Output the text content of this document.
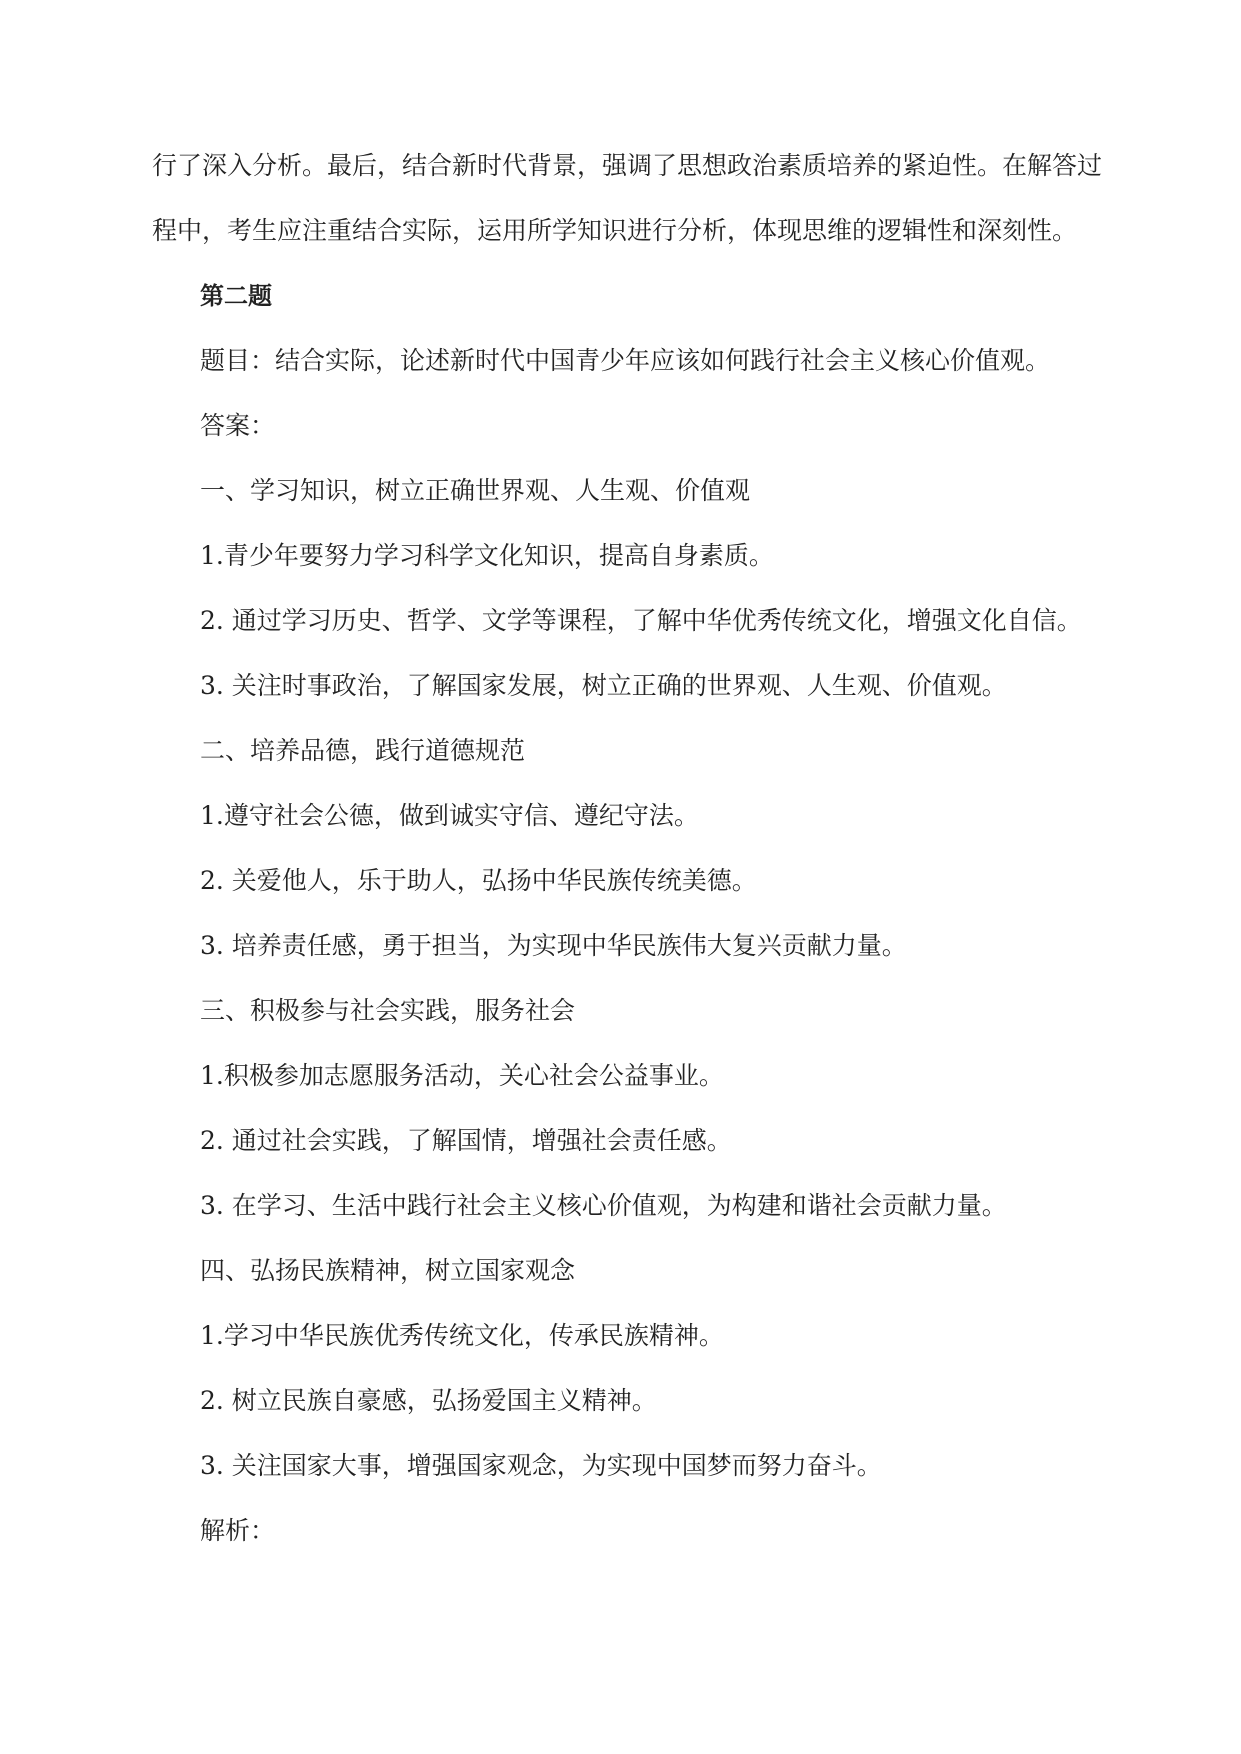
行了深入分析。最后，结合新时代背景，强调了思想政治素质培养的紧迫性。在解答过
程中，考生应注重结合实际，运用所学知识进行分析，体现思维的逻辑性和深刻性。
第二题
题目：结合实际，论述新时代中国青少年应该如何践行社会主义核心价值观。
答案：
一、学习知识，树立正确世界观、人生观、价值观
1.青少年要努力学习科学文化知识，提高自身素质。
2. 通过学习历史、哲学、文学等课程，了解中华优秀传统文化，增强文化自信。
3. 关注时事政治，了解国家发展，树立正确的世界观、人生观、价值观。
二、培养品德，践行道德规范
1.遵守社会公德，做到诚实守信、遵纪守法。
2. 关爱他人，乐于助人，弘扬中华民族传统美德。
3. 培养责任感，勇于担当，为实现中华民族伟大复兴贡献力量。
三、积极参与社会实践，服务社会
1.积极参加志愿服务活动，关心社会公益事业。
2. 通过社会实践，了解国情，增强社会责任感。
3. 在学习、生活中践行社会主义核心价值观，为构建和谐社会贡献力量。
四、弘扬民族精神，树立国家观念
1.学习中华民族优秀传统文化，传承民族精神。
2. 树立民族自豪感，弘扬爱国主义精神。
3. 关注国家大事，增强国家观念，为实现中国梦而努力奋斗。
解析：
